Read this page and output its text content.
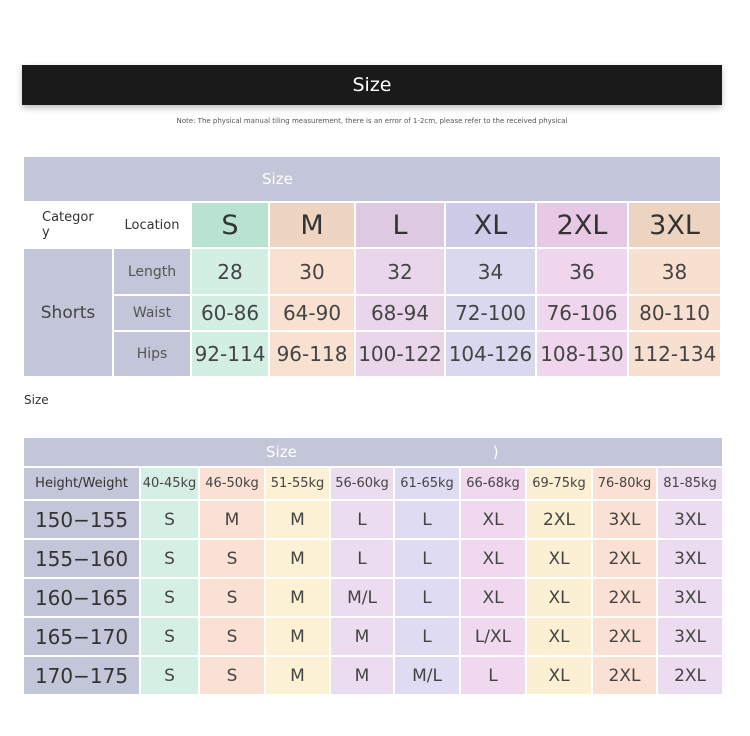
Size
Note: The physical manual tiling measurement, there is an error of 1-2cm, please refer to the received physical
Size							
Categor
y	Location	S	M	L	XL	2XL	3XL
Shorts	Length	28	30	32	34	36	38
	Waist	60-86	64-90	68-94	72-100	76-106	80-110
	Hips	92-114	96-118	100-122	104-126	108-130	112-134
Size
Size )									
Height/Weight	40-45kg	46-50kg	51-55kg	56-60kg	61-65kg	66-68kg	69-75kg	76-80kg	81-85kg
150−155	S	M	M	L	L	XL	2XL	3XL	3XL
155−160	S	S	M	L	L	XL	XL	2XL	3XL
160−165	S	S	M	M/L	L	XL	XL	2XL	3XL
165−170	S	S	M	M	L	L/XL	XL	2XL	3XL
170−175	S	S	M	M	M/L	L	XL	2XL	2XL
